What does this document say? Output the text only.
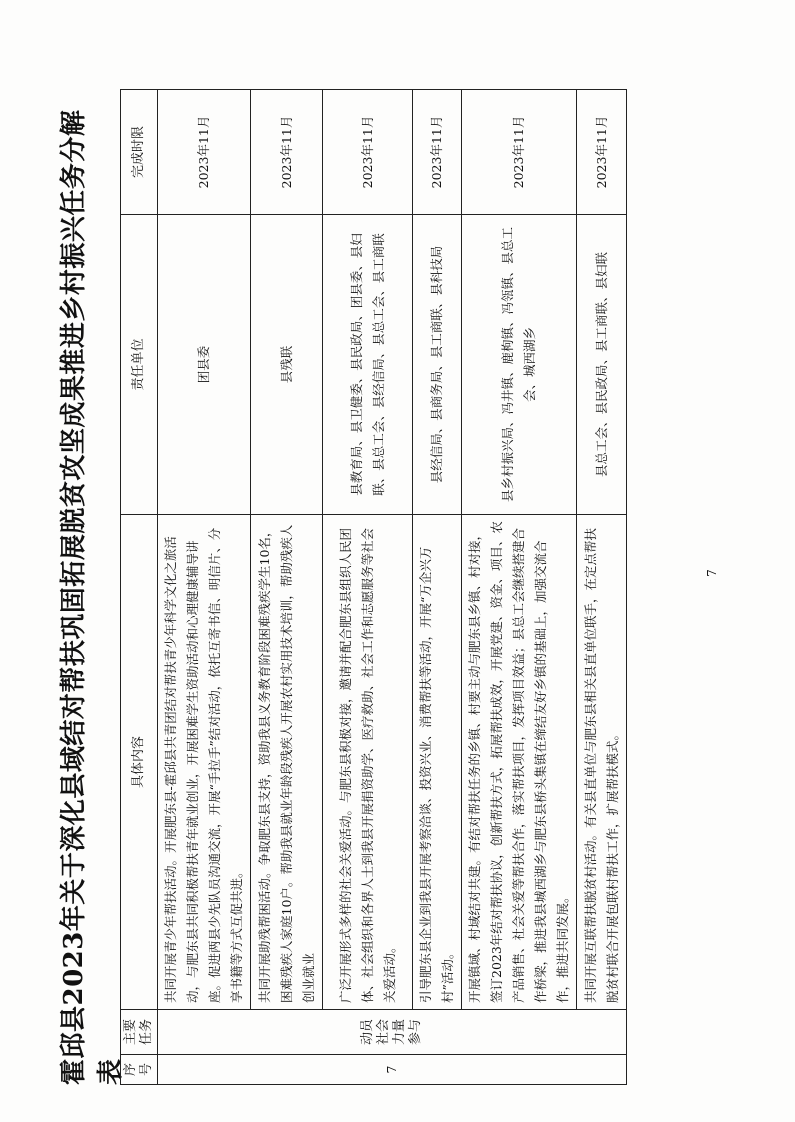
霍邱县2023年关于深化县域结对帮扶巩固拓展脱贫攻坚成果推进乡村振兴任务分解表
序号	主要任务	具体内容	责任单位	完成时限
7	动员社会力量参与	共同开展青少年帮扶活动。开展肥东县-霍邱县共青团结对帮扶青少年科学文化之旅活动，与肥东县共同积极帮扶青年就业创业，开展困难学生资助活动和心理健康辅导讲座。促进两县少先队员沟通交流，开展“手拉手”结对活动，依托互寄书信、明信片、分享书籍等方式互促共进。	团县委	2023年11月
		共同开展助残帮困活动。争取肥东县支持，资助我县义务教育阶段困难残疾学生10名，困难残疾人家庭10户。帮助我县就业年龄段残疾人开展农村实用技术培训，帮助残疾人创业就业	县残联	2023年11月
		广泛开展形式多样的社会关爱活动。与肥东县积极对接，邀请并配合肥东县组织人民团体、社会组织和各界人士到我县开展捐资助学、医疗救助、社会工作和志愿服务等社会关爱活动。	县教育局、县卫健委、县民政局、团县委、县妇联、县总工会、县经信局、县总工会、县工商联	2023年11月
		引导肥东县企业到我县开展考察洽谈、投资兴业、消费帮扶等活动，开展“万企兴万村”活动。	县经信局、县商务局、县工商联、县科技局	2023年11月
		开展镇域、村域结对共建。有结对帮扶任务的乡镇、村要主动与肥东县乡镇、村对接，签订2023年结对帮扶协议，创新帮扶方式，拓展帮扶成效，开展党建、资金、项目、农产品销售、社会关爱等帮扶合作，落实帮扶项目，发挥项目效益；县总工会继续搭建合作桥梁，推进我县城西湖乡与肥东县桥头集镇在缔结友好乡镇的基础上，加强交流合作，推进共同发展。	县乡村振兴局、冯井镇、鹿枸镇、冯瓴镇、县总工会、城西湖乡	2023年11月
		共同开展互联帮扶脱贫村活动。有关县直单位与肥东县相关县直单位联手，在定点帮扶脱贫村联合开展包联村帮扶工作，扩展帮扶模式。	县总工会、县民政局、县工商联、县妇联	2023年11月
7
